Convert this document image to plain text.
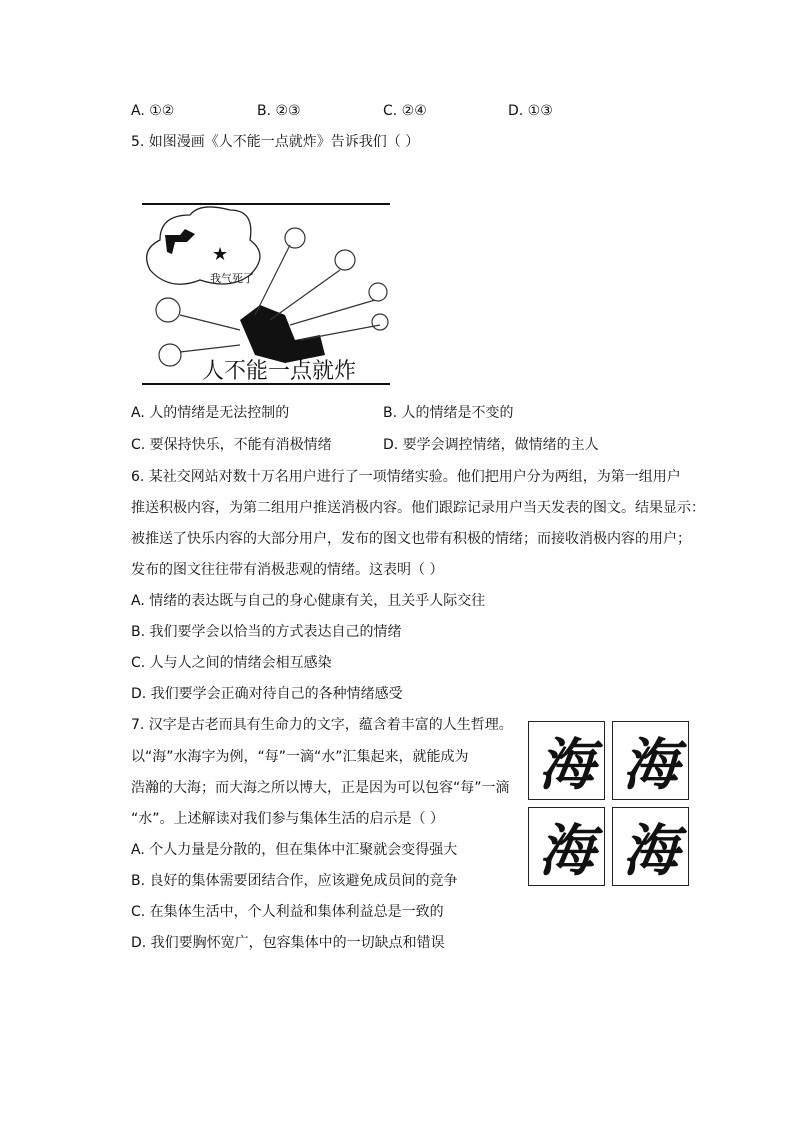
A. ①②	B. ②③	C. ②④	D. ①③
5. 如图漫画《人不能一点就炸》告诉我们（ ）
★
我气死了
人不能一点就炸
A. 人的情绪是无法控制的	B. 人的情绪是不变的
C. 要保持快乐，不能有消极情绪	D. 要学会调控情绪，做情绪的主人
6. 某社交网站对数十万名用户进行了一项情绪实验。他们把用户分为两组，为第一组用户
推送积极内容，为第二组用户推送消极内容。他们跟踪记录用户当天发表的图文。结果显示：
被推送了快乐内容的大部分用户，发布的图文也带有积极的情绪；而接收消极内容的用户；
发布的图文往往带有消极悲观的情绪。这表明（ ）
A. 情绪的表达既与自己的身心健康有关，且关乎人际交往
B. 我们要学会以恰当的方式表达自己的情绪
C. 人与人之间的情绪会相互感染
D. 我们要学会正确对待自己的各种情绪感受
7. 汉字是古老而具有生命力的文字，蕴含着丰富的人生哲理。
以“海”水海字为例，“每”一滴“水”汇集起来，就能成为
浩瀚的大海；而大海之所以博大，正是因为可以包容“每”一滴
“水”。上述解读对我们参与集体生活的启示是（ ）
A. 个人力量是分散的，但在集体中汇聚就会变得强大
B. 良好的集体需要团结合作，应该避免成员间的竞争
C. 在集体生活中，个人利益和集体利益总是一致的
D. 我们要胸怀宽广，包容集体中的一切缺点和错误
海 海
海 海
